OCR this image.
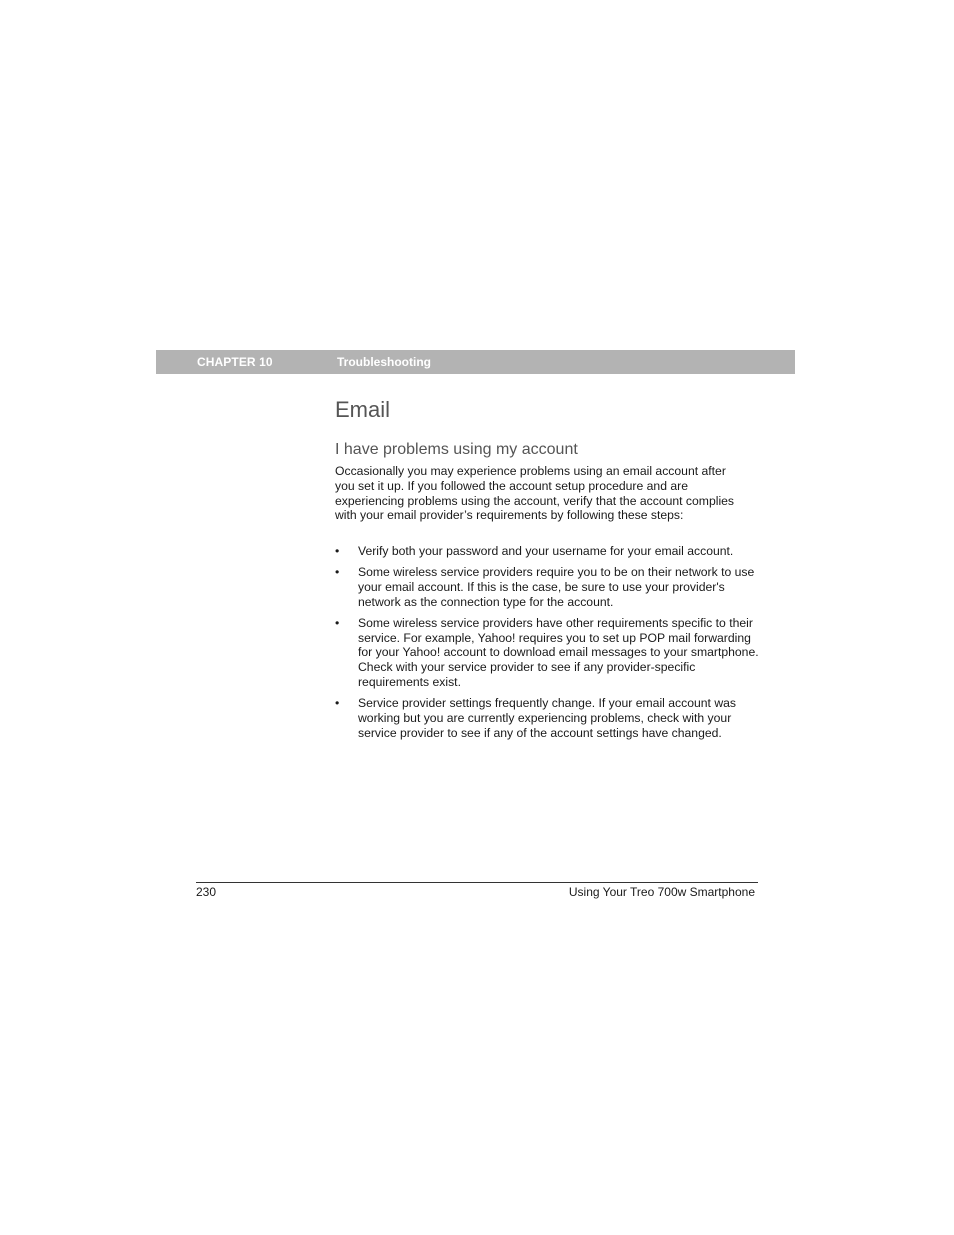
CHAPTER 10	Troubleshooting
Email
I have problems using my account

Occasionally you may experience problems using an email account after you set it up. If you followed the account setup procedure and are experiencing problems using the account, verify that the account complies with your email provider’s requirements by following these steps:

• Verify both your password and your username for your email account.
• Some wireless service providers require you to be on their network to use your email account. If this is the case, be sure to use your provider's network as the connection type for the account.
• Some wireless service providers have other requirements specific to their service. For example, Yahoo! requires you to set up POP mail forwarding for your Yahoo! account to download email messages to your smartphone. Check with your service provider to see if any provider-specific requirements exist.
• Service provider settings frequently change. If your email account was working but you are currently experiencing problems, check with your service provider to see if any of the account settings have changed.
230	Using Your Treo 700w Smartphone
